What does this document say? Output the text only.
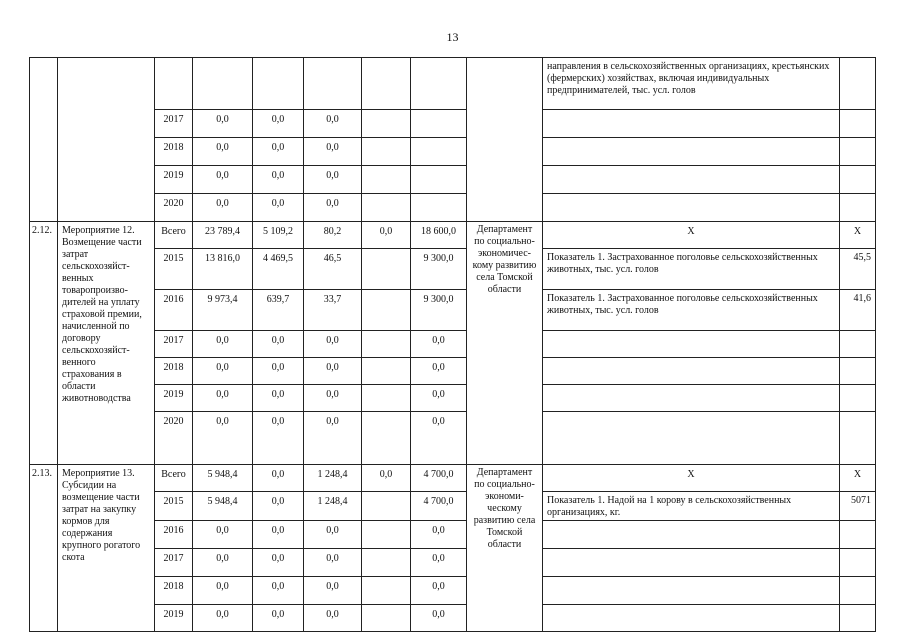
13
									направления в сельскохозяйственных организациях, крестьянских (фермерских) хозяйствах, включая индивидуальных предпринимателей, тыс. усл. голов	
		2017	0,0	0,0	0,0					
		2018	0,0	0,0	0,0					
		2019	0,0	0,0	0,0					
		2020	0,0	0,0	0,0					
2.12.	Мероприятие 12. Возмещение части затрат сельскохозяйст-венных товаропроизво-дителей на уплату страховой премии, начисленной по договору сельскохозяйст-венного страхования в области животноводства	Всего	23 789,4	5 109,2	80,2	0,0	18 600,0	Департамент по социально-экономичес-кому развитию села Томской области	X	X
		2015	13 816,0	4 469,5	46,5		9 300,0		Показатель 1. Застрахованное поголовье сельскохозяйственных животных, тыс. усл. голов	45,5
		2016	9 973,4	639,7	33,7		9 300,0		Показатель 1. Застрахованное поголовье сельскохозяйственных животных, тыс. усл. голов	41,6
		2017	0,0	0,0	0,0		0,0			
		2018	0,0	0,0	0,0		0,0			
		2019	0,0	0,0	0,0		0,0			
		2020	0,0	0,0	0,0		0,0			
2.13.	Мероприятие 13. Субсидии на возмещение части затрат на закупку кормов для содержания крупного рогатого скота	Всего	5 948,4	0,0	1 248,4	0,0	4 700,0	Департамент по социально-экономи-ческому развитию села Томской области	X	X
		2015	5 948,4	0,0	1 248,4		4 700,0		Показатель 1. Надой на 1 корову в сельскохозяйственных организациях, кг.	5071
		2016	0,0	0,0	0,0		0,0			
		2017	0,0	0,0	0,0		0,0			
		2018	0,0	0,0	0,0		0,0			
		2019	0,0	0,0	0,0		0,0			
